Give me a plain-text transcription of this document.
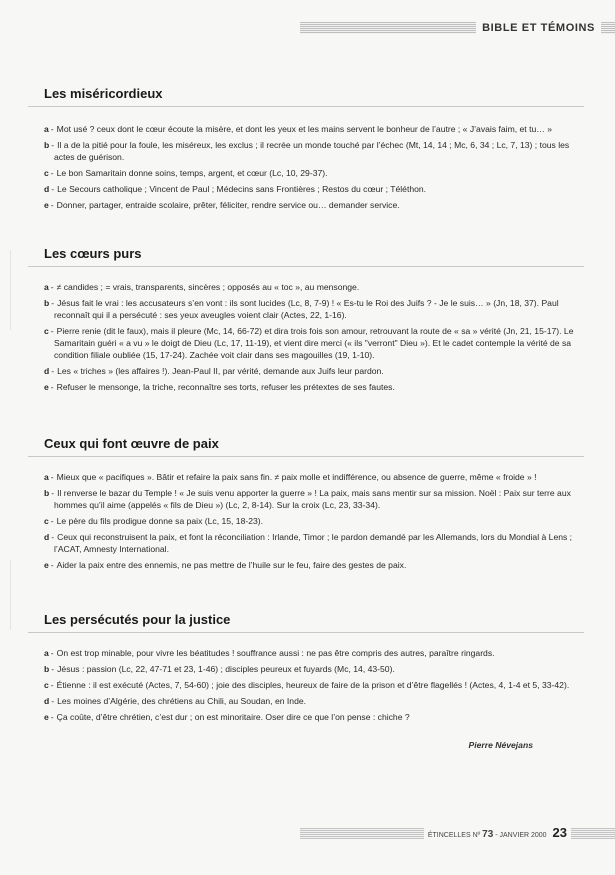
BIBLE ET TÉMOINS
Les miséricordieux

a - Mot usé ? ceux dont le cœur écoute la misère, et dont les yeux et les mains servent le bonheur de l’autre ; « J’avais faim, et tu… »

b - Il a de la pitié pour la foule, les miséreux, les exclus ; il recrée un monde touché par l’échec (Mt, 14, 14 ; Mc, 6, 34 ; Lc, 7, 13) ; tous les actes de guérison.

c - Le bon Samaritain donne soins, temps, argent, et cœur (Lc, 10, 29-37).

d - Le Secours catholique ; Vincent de Paul ; Médecins sans Frontières ; Restos du cœur ; Téléthon.

e - Donner, partager, entraide scolaire, prêter, féliciter, rendre service ou… demander service.

Les cœurs purs

a - ≠ candides ; = vrais, transparents, sincères ; opposés au « toc », au mensonge.

b - Jésus fait le vrai : les accusateurs s’en vont : ils sont lucides (Lc, 8, 7-9) ! « Es-tu le Roi des Juifs ? - Je le suis… » (Jn, 18, 37). Paul reconnaît qui il a persécuté : ses yeux aveugles voient clair (Actes, 22, 1-16).

c - Pierre renie (dit le faux), mais il pleure (Mc, 14, 66-72) et dira trois fois son amour, retrouvant la route de « sa » vérité (Jn, 21, 15-17). Le Samaritain guéri « a vu » le doigt de Dieu (Lc, 17, 11-19), et vient dire merci (« ils "verront" Dieu »). Et le cadet contemple la vérité de sa condition filiale oubliée (15, 17-24). Zachée voit clair dans ses magouilles (19, 1-10).

d - Les « triches » (les affaires !). Jean-Paul II, par vérité, demande aux Juifs leur pardon.

e - Refuser le mensonge, la triche, reconnaître ses torts, refuser les prétextes de ses fautes.

Ceux qui font œuvre de paix

a - Mieux que « pacifiques ». Bâtir et refaire la paix sans fin. ≠ paix molle et indifférence, ou absence de guerre, même « froide » !

b - Il renverse le bazar du Temple ! « Je suis venu apporter la guerre » ! La paix, mais sans mentir sur sa mission. Noël : Paix sur terre aux hommes qu’il aime (appelés « fils de Dieu ») (Lc, 2, 8-14). Sur la croix (Lc, 23, 33-34).

c - Le père du fils prodigue donne sa paix (Lc, 15, 18-23).

d - Ceux qui reconstruisent la paix, et font la réconciliation : Irlande, Timor ; le pardon demandé par les Allemands, lors du Mondial à Lens ; l’ACAT, Amnesty International.

e - Aider la paix entre des ennemis, ne pas mettre de l’huile sur le feu, faire des gestes de paix.

Les persécutés pour la justice

a - On est trop minable, pour vivre les béatitudes ! souffrance aussi : ne pas être compris des autres, paraître ringards.

b - Jésus : passion (Lc, 22, 47-71 et 23, 1-46) ; disciples peureux et fuyards (Mc, 14, 43-50).

c - Étienne : il est exécuté (Actes, 7, 54-60) ; joie des disciples, heureux de faire de la prison et d’être flagellés ! (Actes, 4, 1-4 et 5, 33-42).

d - Les moines d’Algérie, des chrétiens au Chili, au Soudan, en Inde.

e - Ça coûte, d’être chrétien, c’est dur ; on est minoritaire. Oser dire ce que l’on pense : chiche ?

Pierre Névejans
ÉTINCELLES Nº 73 - JANVIER 2000 23
